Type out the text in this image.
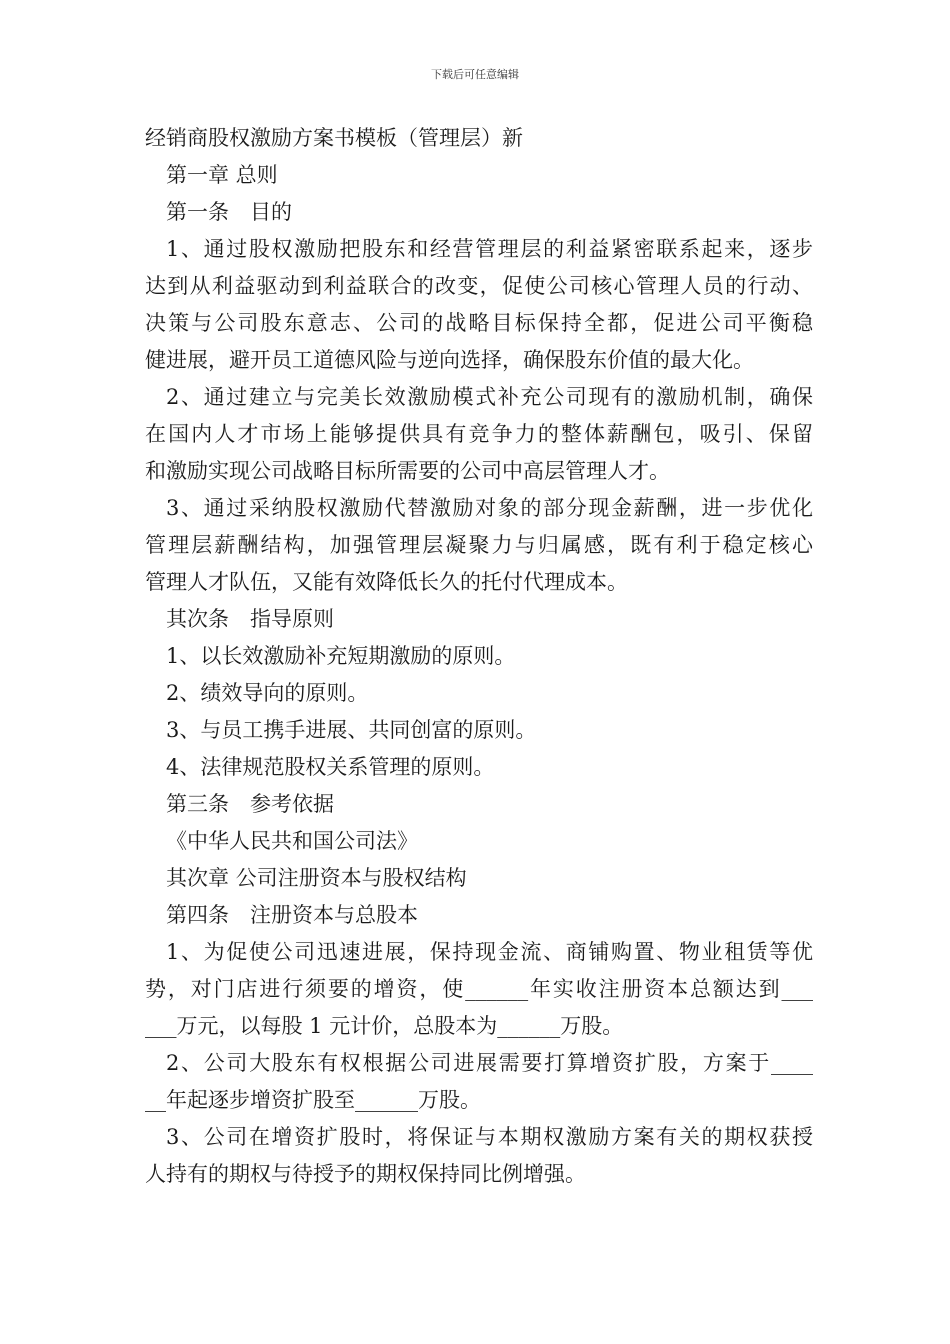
下载后可任意编辑
经销商股权激励方案书模板（管理层）新
第一章 总则
第一条　目的
1、通过股权激励把股东和经营管理层的利益紧密联系起来，逐步
达到从利益驱动到利益联合的改变，促使公司核心管理人员的行动、
决策与公司股东意志、公司的战略目标保持全都，促进公司平衡稳
健进展，避开员工道德风险与逆向选择，确保股东价值的最大化。
2、通过建立与完美长效激励模式补充公司现有的激励机制，确保
在国内人才市场上能够提供具有竞争力的整体薪酬包，吸引、保留
和激励实现公司战略目标所需要的公司中高层管理人才。
3、通过采纳股权激励代替激励对象的部分现金薪酬，进一步优化
管理层薪酬结构，加强管理层凝聚力与归属感，既有利于稳定核心
管理人才队伍，又能有效降低长久的托付代理成本。
其次条　指导原则
1、以长效激励补充短期激励的原则。
2、绩效导向的原则。
3、与员工携手进展、共同创富的原则。
4、法律规范股权关系管理的原则。
第三条　参考依据
《中华人民共和国公司法》
其次章 公司注册资本与股权结构
第四条　注册资本与总股本
1、为促使公司迅速进展，保持现金流、商铺购置、物业租赁等优
势，对门店进行须要的增资，使______年实收注册资本总额达到___
___万元，以每股 1 元计价，总股本为______万股。
2、公司大股东有权根据公司进展需要打算增资扩股，方案于____
__年起逐步增资扩股至______万股。
3、公司在增资扩股时，将保证与本期权激励方案有关的期权获授
人持有的期权与待授予的期权保持同比例增强。
